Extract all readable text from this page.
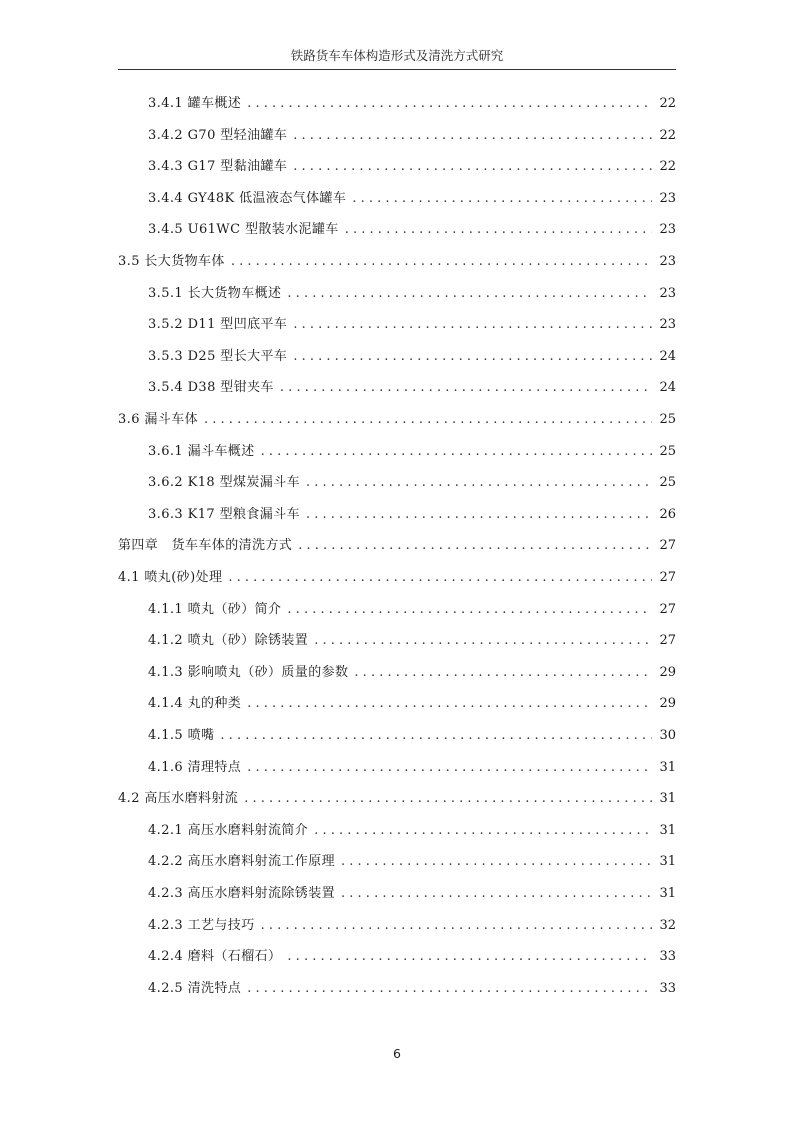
铁路货车车体构造形式及清洗方式研究
3.4.1 罐车概述 . . .	22
3.4.2 G70 型轻油罐车 . . .	22
3.4.3 G17 型黏油罐车 . . .	22
3.4.4 GY48K 低温液态气体罐车 . . .	23
3.4.5 U61WC 型散装水泥罐车 . . .	23
3.5 长大货物车体 . . .	23
3.5.1 长大货物车概述 . . .	23
3.5.2 D11 型凹底平车 . . .	23
3.5.3 D25 型长大平车 . . .	24
3.5.4 D38 型钳夹车 . . .	24
3.6 漏斗车体 . . .	25
3.6.1 漏斗车概述 . . .	25
3.6.2 K18 型煤炭漏斗车 . . .	25
3.6.3 K17 型粮食漏斗车 . . .	26
第四章　货车车体的清洗方式 . . .	27
4.1 喷丸(砂)处理 . . .	27
4.1.1 喷丸（砂）简介 . . .	27
4.1.2 喷丸（砂）除锈装置 . . .	27
4.1.3 影响喷丸（砂）质量的参数 . . .	29
4.1.4 丸的种类 . . .	29
4.1.5 喷嘴 . . .	30
4.1.6 清理特点 . . .	31
4.2 高压水磨料射流 . . .	31
4.2.1 高压水磨料射流简介 . . .	31
4.2.2 高压水磨料射流工作原理 . . .	31
4.2.3 高压水磨料射流除锈装置 . . .	31
4.2.3 工艺与技巧 . . .	32
4.2.4 磨料（石榴石） . . .	33
4.2.5 清洗特点 . . .	33
6
